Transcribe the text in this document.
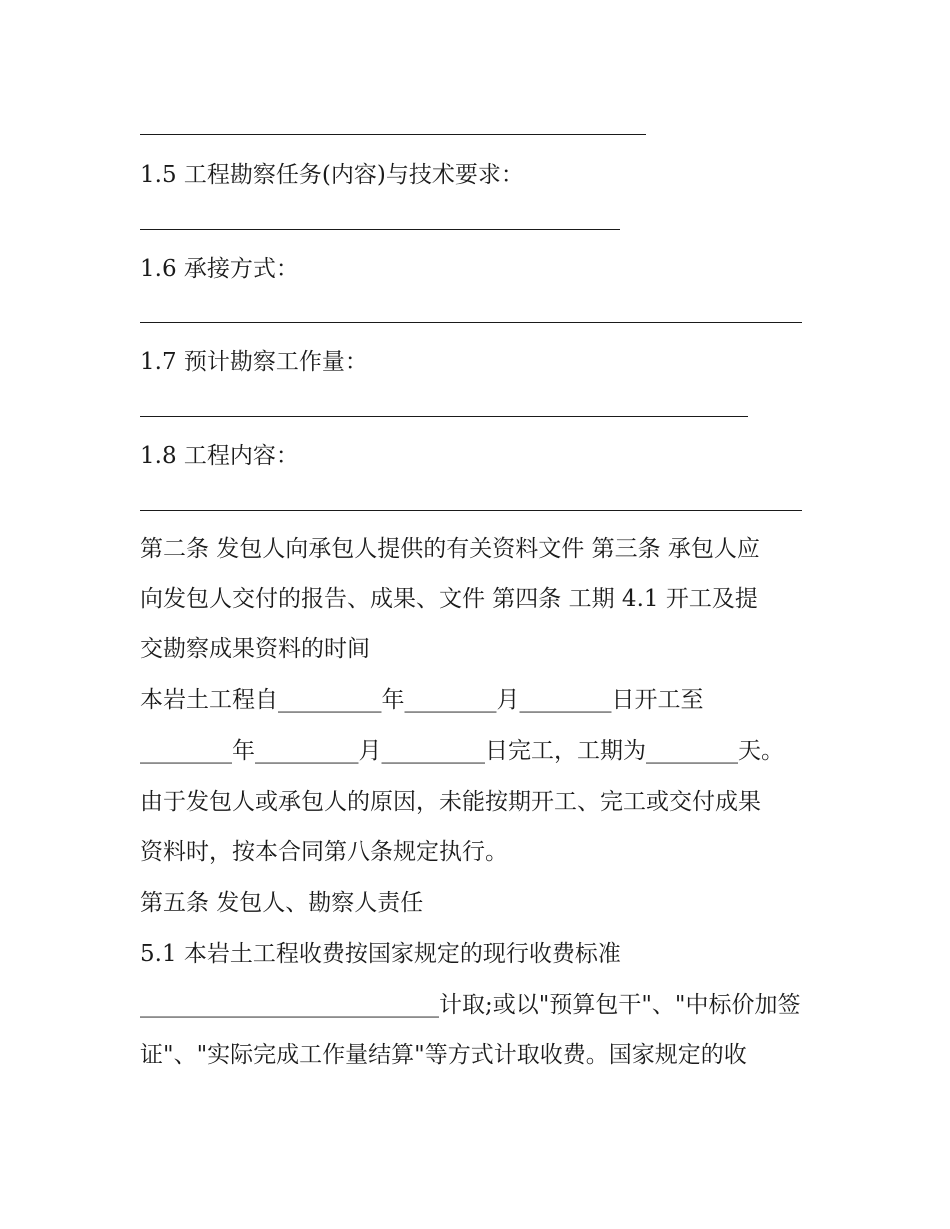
1.5 工程勘察任务(内容)与技术要求：

1.6 承接方式：

1.7 预计勘察工作量：

1.8 工程内容：

第二条 发包人向承包人提供的有关资料文件 第三条 承包人应

向发包人交付的报告、成果、文件 第四条 工期 4.1 开工及提

交勘察成果资料的时间

本岩土工程自_________年________月________日开工至

________年_________月_________日完工，工期为________天。

由于发包人或承包人的原因，未能按期开工、完工或交付成果

资料时，按本合同第八条规定执行。

第五条 发包人、勘察人责任

5.1 本岩土工程收费按国家规定的现行收费标准

__________________________计取;或以"预算包干"、"中标价加签

证"、"实际完成工作量结算"等方式计取收费。国家规定的收
